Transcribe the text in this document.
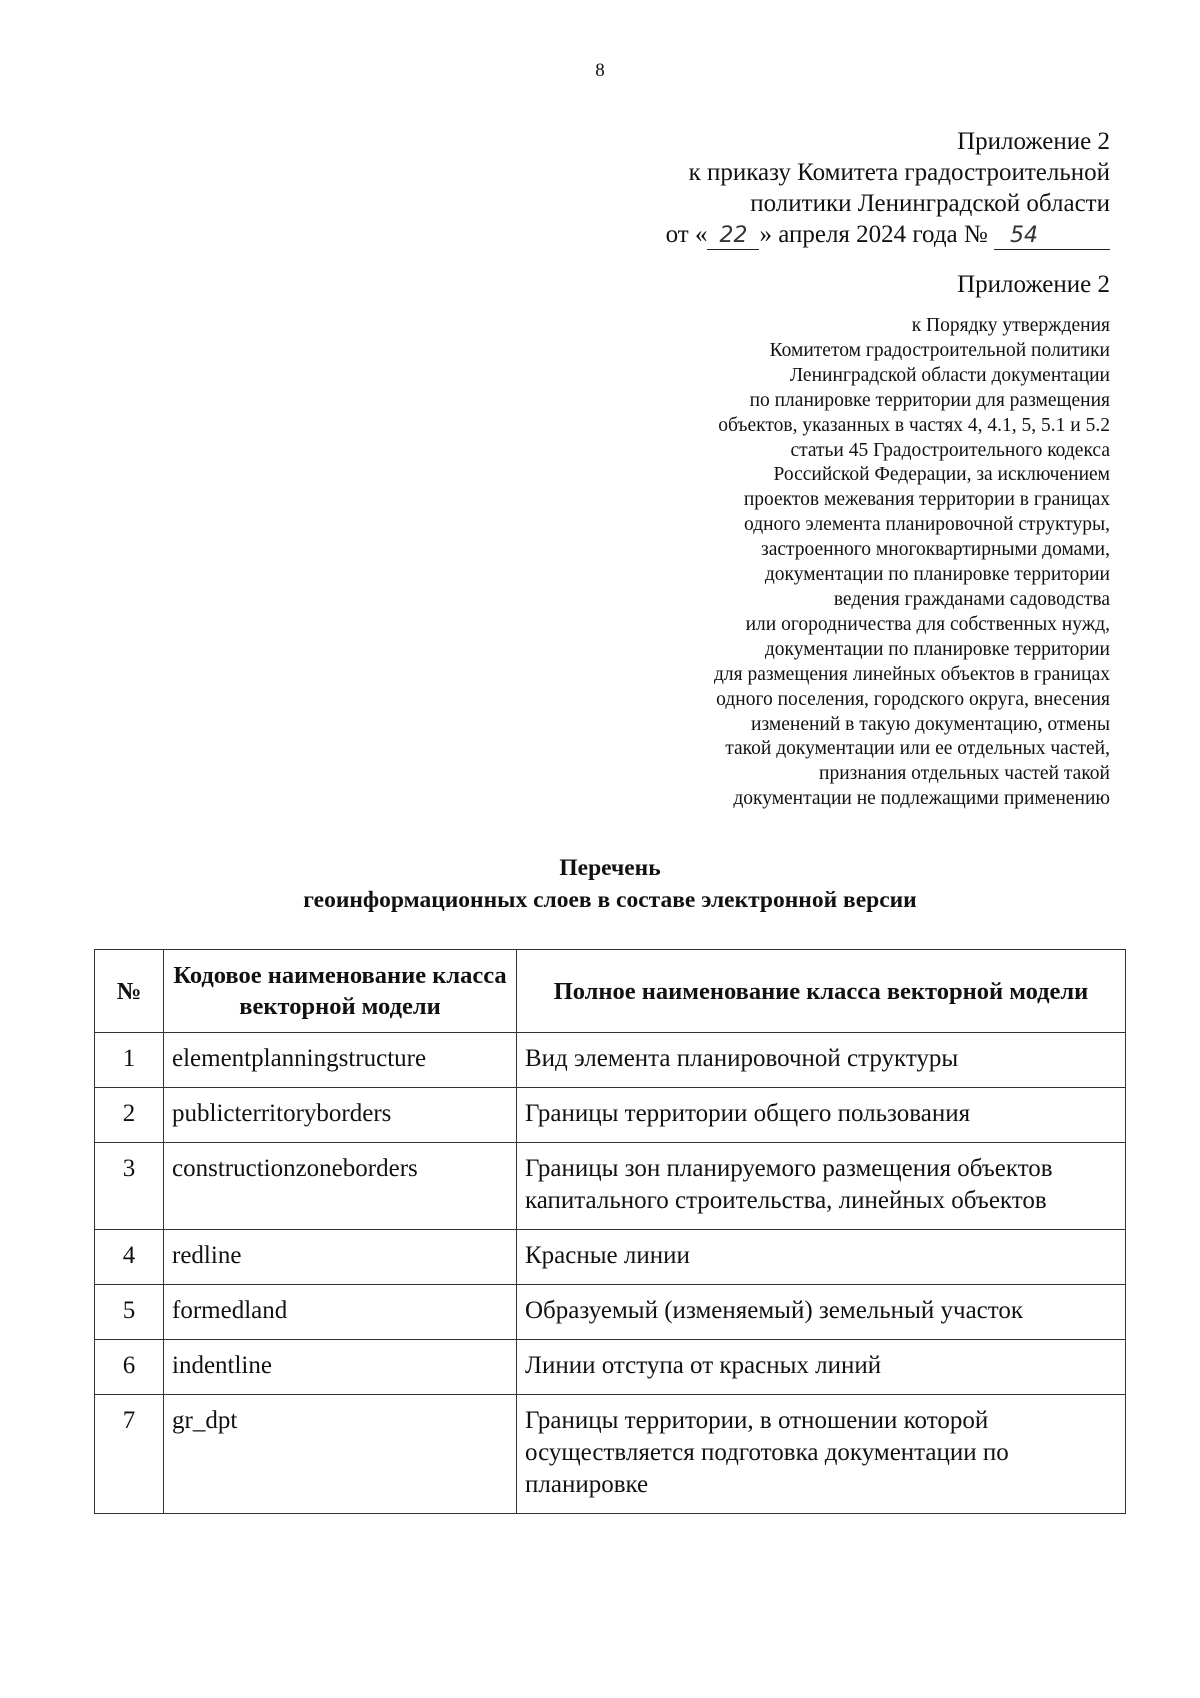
8
Приложение 2
к приказу Комитета градостроительной
политики Ленинградской области
от « 22 » апреля 2024 года № 54
Приложение 2
к Порядку утверждения
Комитетом градостроительной политики
Ленинградской области документации
по планировке территории для размещения
объектов, указанных в частях 4, 4.1, 5, 5.1 и 5.2
статьи 45 Градостроительного кодекса
Российской Федерации, за исключением
проектов межевания территории в границах
одного элемента планировочной структуры,
застроенного многоквартирными домами,
документации по планировке территории
ведения гражданами садоводства
или огородничества для собственных нужд,
документации по планировке территории
для размещения линейных объектов в границах
одного поселения, городского округа, внесения
изменений в такую документацию, отмены
такой документации или ее отдельных частей,
признания отдельных частей такой
документации не подлежащими применению
Перечень
геоинформационных слоев в составе электронной версии
№	Кодовое наименование класса векторной модели	Полное наименование класса векторной модели
1	elementplanningstructure	Вид элемента планировочной структуры
2	publicterritoryborders	Границы территории общего пользования
3	constructionzoneborders	Границы зон планируемого размещения объектов капитального строительства, линейных объектов
4	redline	Красные линии
5	formedland	Образуемый (изменяемый) земельный участок
6	indentline	Линии отступа от красных линий
7	gr_dpt	Границы территории, в отношении которой осуществляется подготовка документации по планировке
